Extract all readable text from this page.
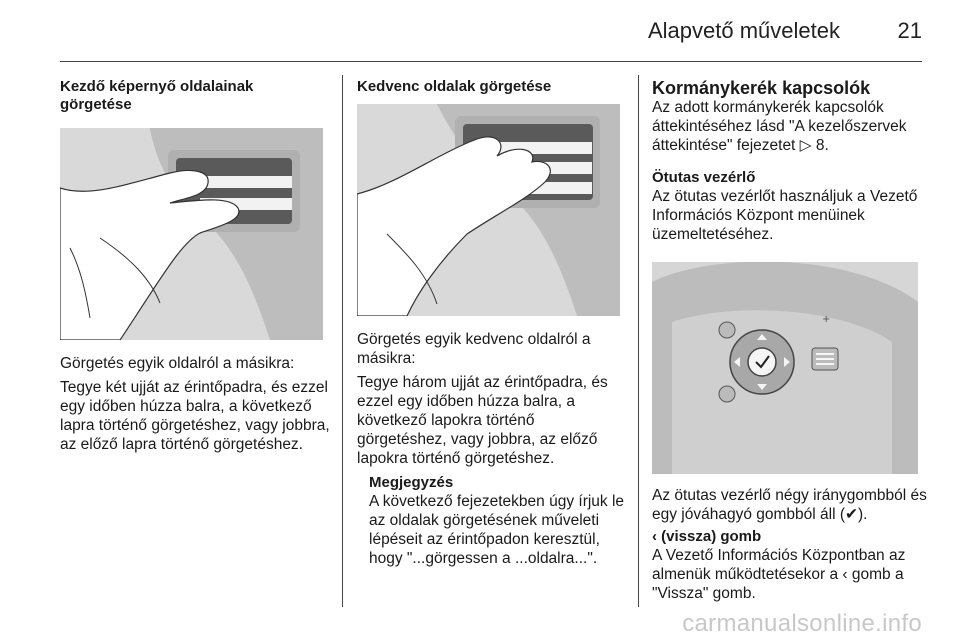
Alapvető műveletek	21

Kezdő képernyő oldalainak görgetése

Görgetés egyik oldalról a másikra:

Tegye két ujját az érintőpadra, és ezzel egy időben húzza balra, a következő lapra történő görgetéshez, vagy jobbra, az előző lapra történő görgetéshez.

Kedvenc oldalak görgetése

Görgetés egyik kedvenc oldalról a másikra:

Tegye három ujját az érintőpadra, és ezzel egy időben húzza balra, a következő lapokra történő görgetéshez, vagy jobbra, az előző lapokra történő görgetéshez.

Megjegyzés

A következő fejezetekben úgy írjuk le az oldalak görgetésének műveleti lépéseit az érintőpadon keresztül, hogy "...görgessen a ...oldalra...".

Kormánykerék kapcsolók

Az adott kormánykerék kapcsolók áttekintéséhez lásd "A kezelőszervek áttekintése" fejezetet ▷ 8.

Ötutas vezérlő

Az ötutas vezérlőt használjuk a Vezető Információs Központ menüinek üzemeltetéséhez.

+

Az ötutas vezérlő négy iránygombból és egy jóváhagyó gombból áll (✔).

‹ (vissza) gomb

A Vezető Információs Központban az almenük működtetésekor a ‹ gomb a "Vissza" gomb.

carmanualsonline.info
